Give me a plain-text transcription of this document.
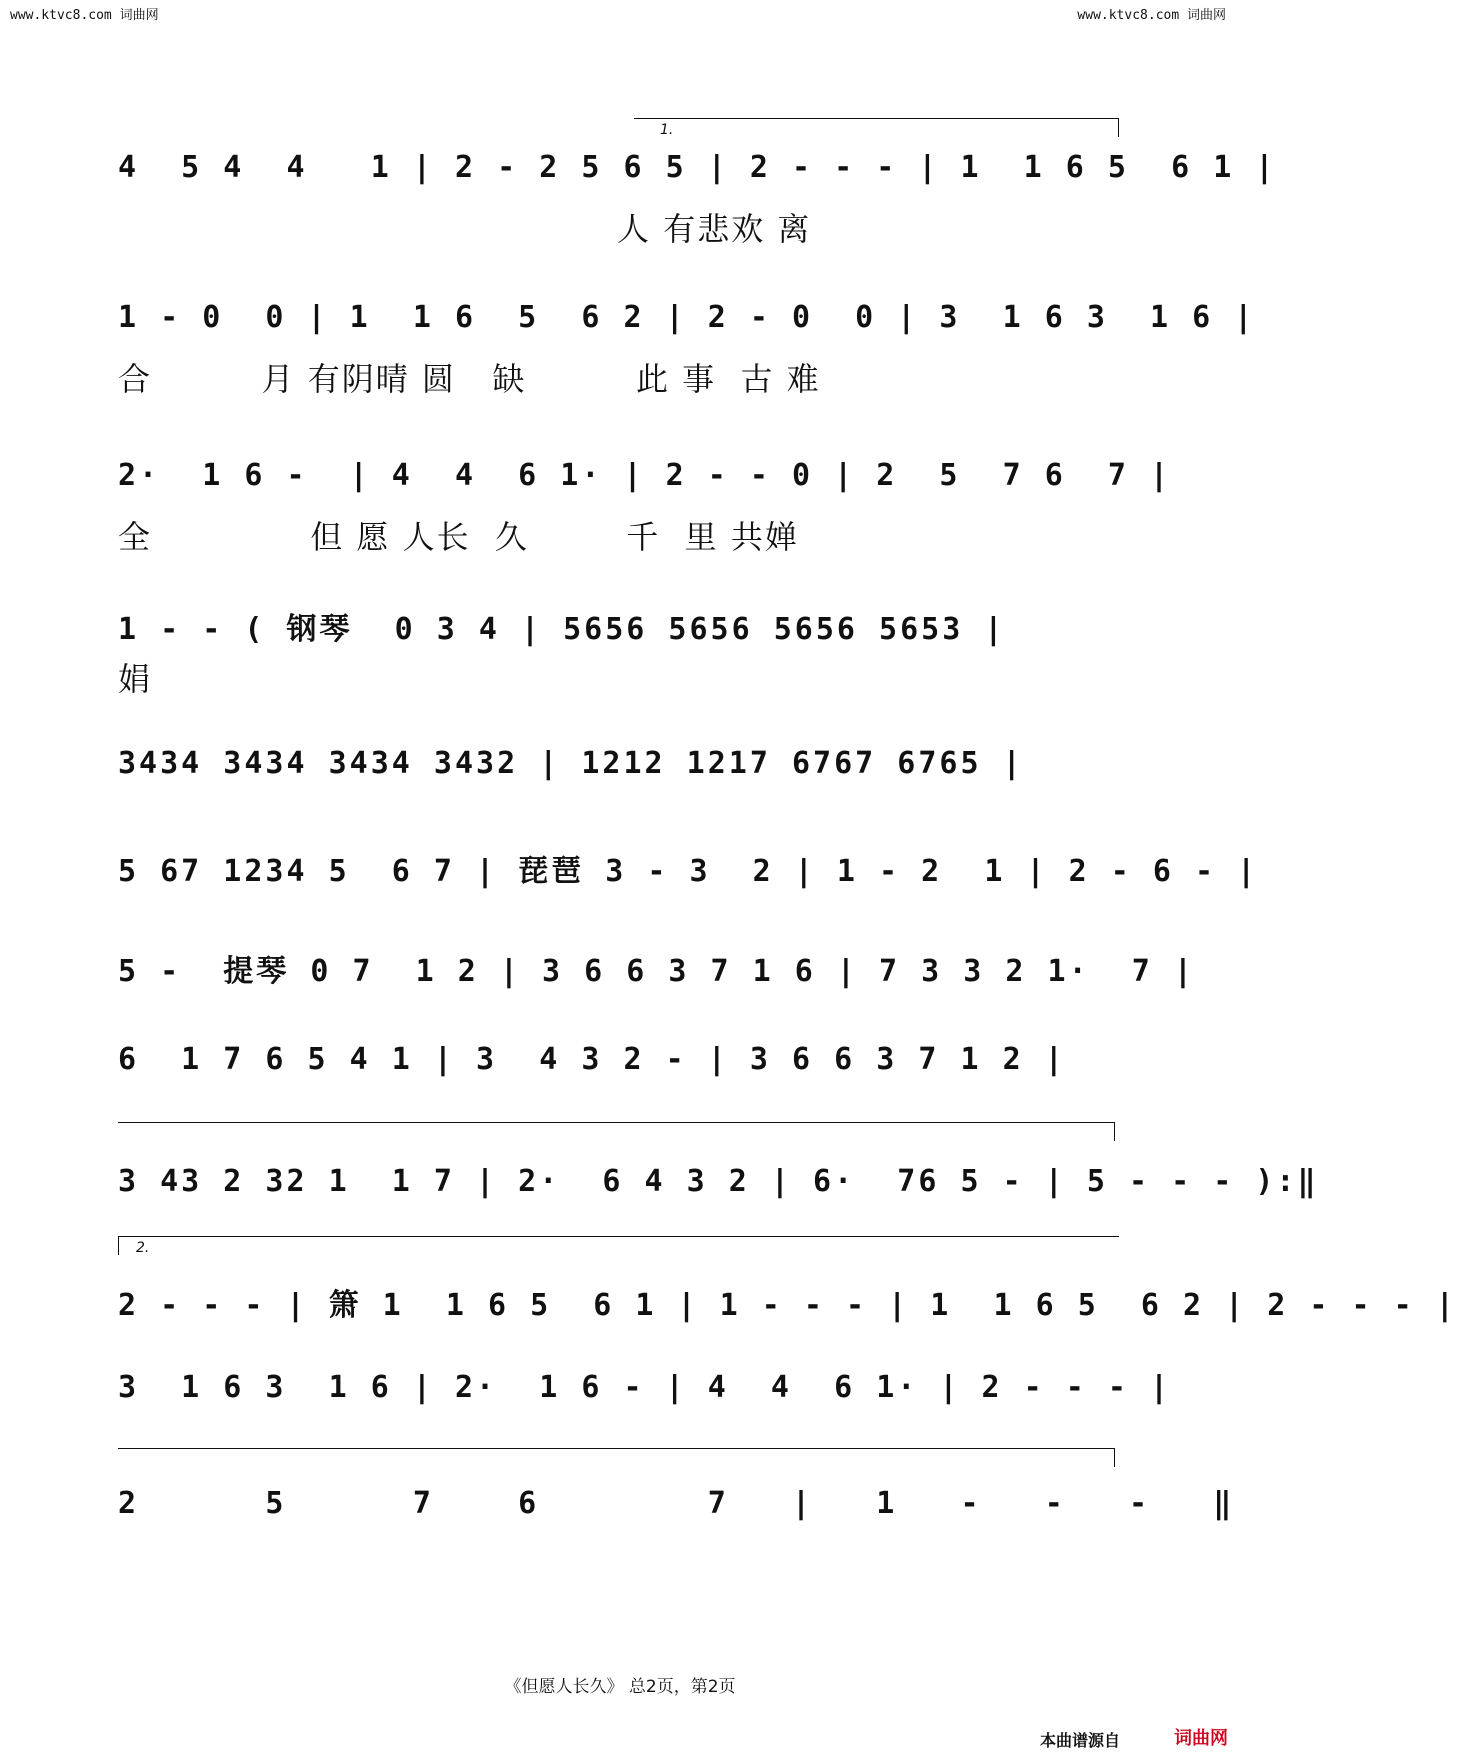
www.ktvc8.com 词曲网	www.ktvc8.com 词曲网
1.
2.
4  5 4  4   1 | 2 - 2 5 6 5 | 2 - - - | 1  1 6 5  6 1 |
人 有悲欢 离
1 - 0  0 | 1  1 6  5  6 2 | 2 - 0  0 | 3  1 6 3  1 6 |
合         月 有阴晴 圆   缺         此 事  古 难
2·  1 6 -  | 4  4  6 1· | 2 - - 0 | 2  5  7 6  7 |
全             但 愿 人长  久        千  里 共婵
1 - - ( 钢琴  0 3 4 | 5656 5656 5656 5653 |
娟
3434 3434 3434 3432 | 1212 1217 6767 6765 |
5 67 1234 5  6 7 | 琵琶 3 - 3  2 | 1 - 2  1 | 2 - 6 - |
5 -  提琴 0 7  1 2 | 3 6 6 3 7 1 6 | 7 3 3 2 1·  7 |
6  1 7 6 5 4 1 | 3  4 3 2 - | 3 6 6 3 7 1 2 |
3 43 2 32 1  1 7 | 2·  6 4 3 2 | 6·  76 5 - | 5 - - - ):‖
2 - - - | 箫 1  1 6 5  6 1 | 1 - - - | 1  1 6 5  6 2 | 2 - - - |
3  1 6 3  1 6 | 2·  1 6 - | 4  4  6 1· | 2 - - - |
2      5      7    6        7   |   1   -   -   -   ‖
《但愿人长久》 总2页，第2页
本曲谱源自	词曲网
